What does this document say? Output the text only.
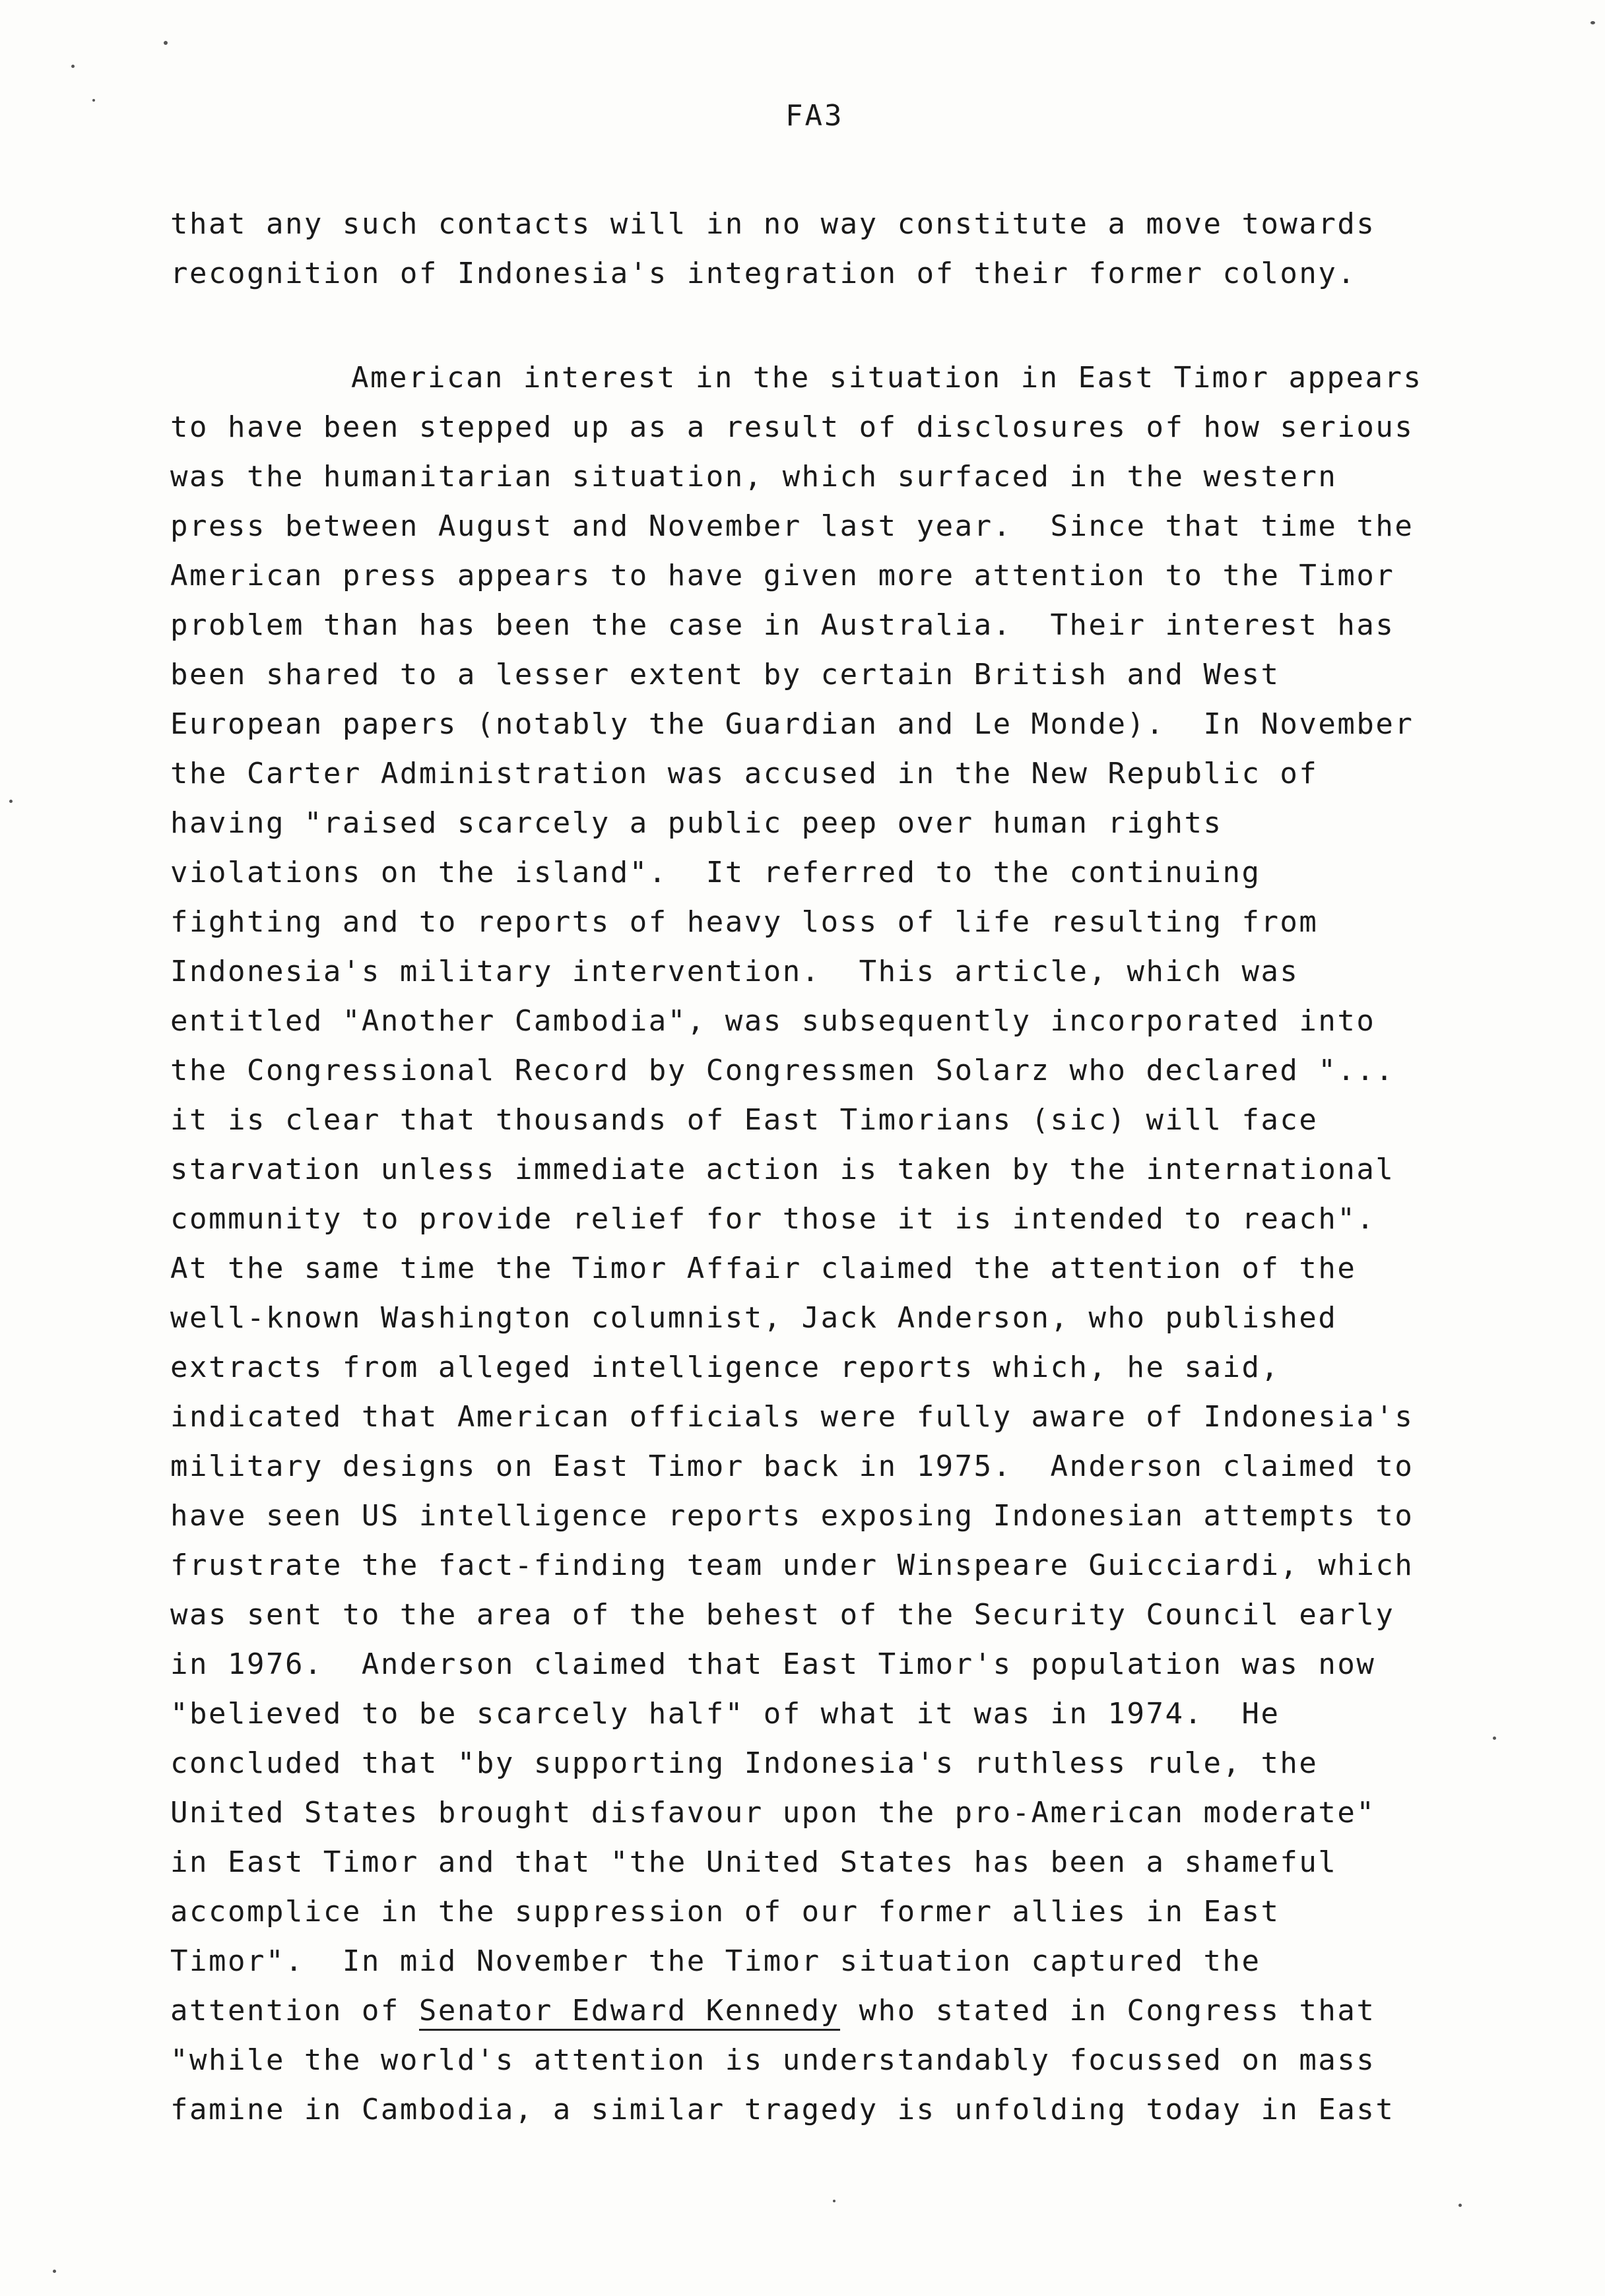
FA3
that any such contacts will in no way constitute a move towards
recognition of Indonesia's integration of their former colony.
American interest in the situation in East Timor appears
to have been stepped up as a result of disclosures of how serious
was the humanitarian situation, which surfaced in the western
press between August and November last year.  Since that time the
American press appears to have given more attention to the Timor
problem than has been the case in Australia.  Their interest has
been shared to a lesser extent by certain British and West
European papers (notably the Guardian and Le Monde).  In November
the Carter Administration was accused in the New Republic of
having "raised scarcely a public peep over human rights
violations on the island".  It referred to the continuing
fighting and to reports of heavy loss of life resulting from
Indonesia's military intervention.  This article, which was
entitled "Another Cambodia", was subsequently incorporated into
the Congressional Record by Congressmen Solarz who declared "...
it is clear that thousands of East Timorians (sic) will face
starvation unless immediate action is taken by the international
community to provide relief for those it is intended to reach".
At the same time the Timor Affair claimed the attention of the
well-known Washington columnist, Jack Anderson, who published
extracts from alleged intelligence reports which, he said,
indicated that American officials were fully aware of Indonesia's
military designs on East Timor back in 1975.  Anderson claimed to
have seen US intelligence reports exposing Indonesian attempts to
frustrate the fact-finding team under Winspeare Guicciardi, which
was sent to the area of the behest of the Security Council early
in 1976.  Anderson claimed that East Timor's population was now
"believed to be scarcely half" of what it was in 1974.  He
concluded that "by supporting Indonesia's ruthless rule, the
United States brought disfavour upon the pro-American moderate"
in East Timor and that "the United States has been a shameful
accomplice in the suppression of our former allies in East
Timor".  In mid November the Timor situation captured the
attention of Senator Edward Kennedy who stated in Congress that
"while the world's attention is understandably focussed on mass
famine in Cambodia, a similar tragedy is unfolding today in East
